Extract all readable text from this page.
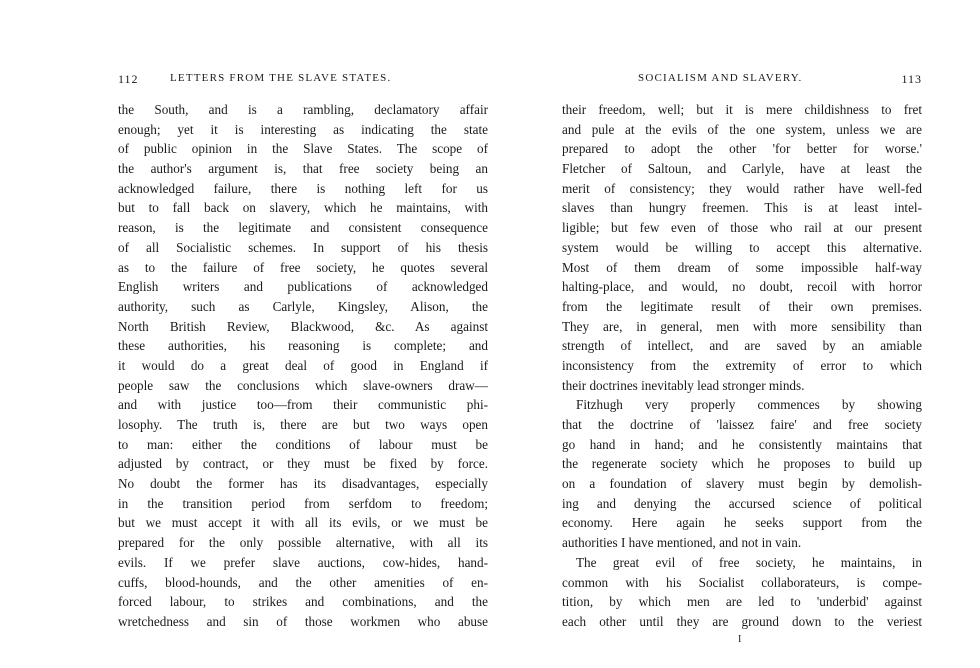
112	LETTERS FROM THE SLAVE STATES.
the South, and is a rambling, declamatory affair
enough; yet it is interesting as indicating the state
of public opinion in the Slave States. The scope of
the author's argument is, that free society being an
acknowledged failure, there is nothing left for us
but to fall back on slavery, which he maintains, with
reason, is the legitimate and consistent consequence
of all Socialistic schemes. In support of his thesis
as to the failure of free society, he quotes several
English writers and publications of acknowledged
authority, such as Carlyle, Kingsley, Alison, the
North British Review, Blackwood, &c. As against
these authorities, his reasoning is complete; and
it would do a great deal of good in England if
people saw the conclusions which slave-owners draw—
and with justice too—from their communistic phi-
losophy. The truth is, there are but two ways open
to man: either the conditions of labour must be
adjusted by contract, or they must be fixed by force.
No doubt the former has its disadvantages, especially
in the transition period from serfdom to freedom;
but we must accept it with all its evils, or we must be
prepared for the only possible alternative, with all its
evils. If we prefer slave auctions, cow-hides, hand-
cuffs, blood-hounds, and the other amenities of en-
forced labour, to strikes and combinations, and the
wretchedness and sin of those workmen who abuse
SOCIALISM AND SLAVERY.	113
their freedom, well; but it is mere childishness to fret
and pule at the evils of the one system, unless we are
prepared to adopt the other 'for better for worse.'
Fletcher of Saltoun, and Carlyle, have at least the
merit of consistency; they would rather have well-fed
slaves than hungry freemen. This is at least intel-
ligible; but few even of those who rail at our present
system would be willing to accept this alternative.
Most of them dream of some impossible half-way
halting-place, and would, no doubt, recoil with horror
from the legitimate result of their own premises.
They are, in general, men with more sensibility than
strength of intellect, and are saved by an amiable
inconsistency from the extremity of error to which
their doctrines inevitably lead stronger minds.
Fitzhugh very properly commences by showing
that the doctrine of 'laissez faire' and free society
go hand in hand; and he consistently maintains that
the regenerate society which he proposes to build up
on a foundation of slavery must begin by demolish-
ing and denying the accursed science of political
economy. Here again he seeks support from the
authorities I have mentioned, and not in vain.
The great evil of free society, he maintains, in
common with his Socialist collaborateurs, is compe-
tition, by which men are led to 'underbid' against
each other until they are ground down to the veriest
I
